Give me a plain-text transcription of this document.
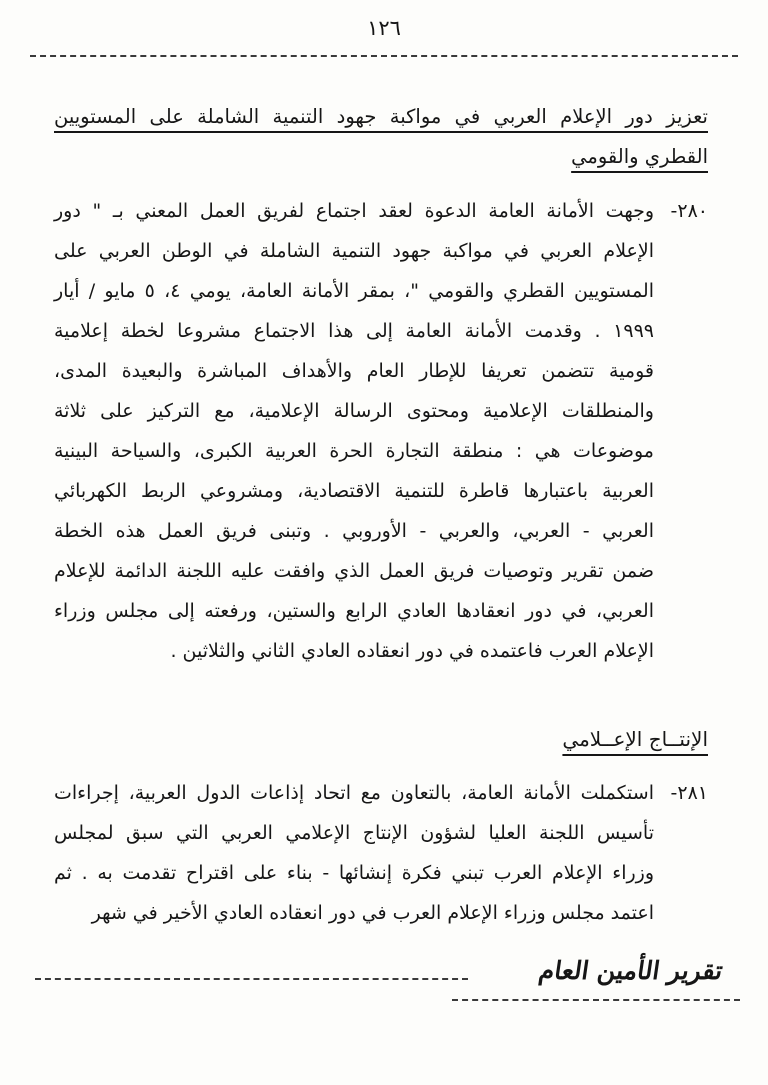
١٢٦
تعزيز دور الإعلام العربي في مواكبة جهود التنمية الشاملة على المستويين
القطري والقومي
٢٨٠-
وجهت الأمانة العامة الدعوة لعقد اجتماع لفريق العمل المعني بـ " دور
الإعلام العربي في مواكبة جهود التنمية الشاملة في الوطن العربي على
المستويين القطري والقومي "، بمقر الأمانة العامة، يومي ٤، ٥ مايو / أيار
١٩٩٩ . وقدمت الأمانة العامة إلى هذا الاجتماع مشروعا لخطة إعلامية
قومية تتضمن تعريفا للإطار العام والأهداف المباشرة والبعيدة المدى،
والمنطلقات الإعلامية ومحتوى الرسالة الإعلامية، مع التركيز على ثلاثة
موضوعات هي : منطقة التجارة الحرة العربية الكبرى، والسياحة البينية
العربية باعتبارها قاطرة للتنمية الاقتصادية، ومشروعي الربط الكهربائي
العربي - العربي، والعربي - الأوروبي . وتبنى فريق العمل هذه الخطة
ضمن تقرير وتوصيات فريق العمل الذي وافقت عليه اللجنة الدائمة للإعلام
العربي، في دور انعقادها العادي الرابع والستين، ورفعته إلى مجلس وزراء
الإعلام العرب فاعتمده في دور انعقاده العادي الثاني والثلاثين .
الإنتــاج الإعــلامي
٢٨١-
استكملت الأمانة العامة، بالتعاون مع اتحاد إذاعات الدول العربية، إجراءات
تأسيس اللجنة العليا لشؤون الإنتاج الإعلامي العربي التي سبق لمجلس
وزراء الإعلام العرب تبني فكرة إنشائها - بناء على اقتراح تقدمت به . ثم
اعتمد مجلس وزراء الإعلام العرب في دور انعقاده العادي الأخير في شهر
تقرير الأمين العام
